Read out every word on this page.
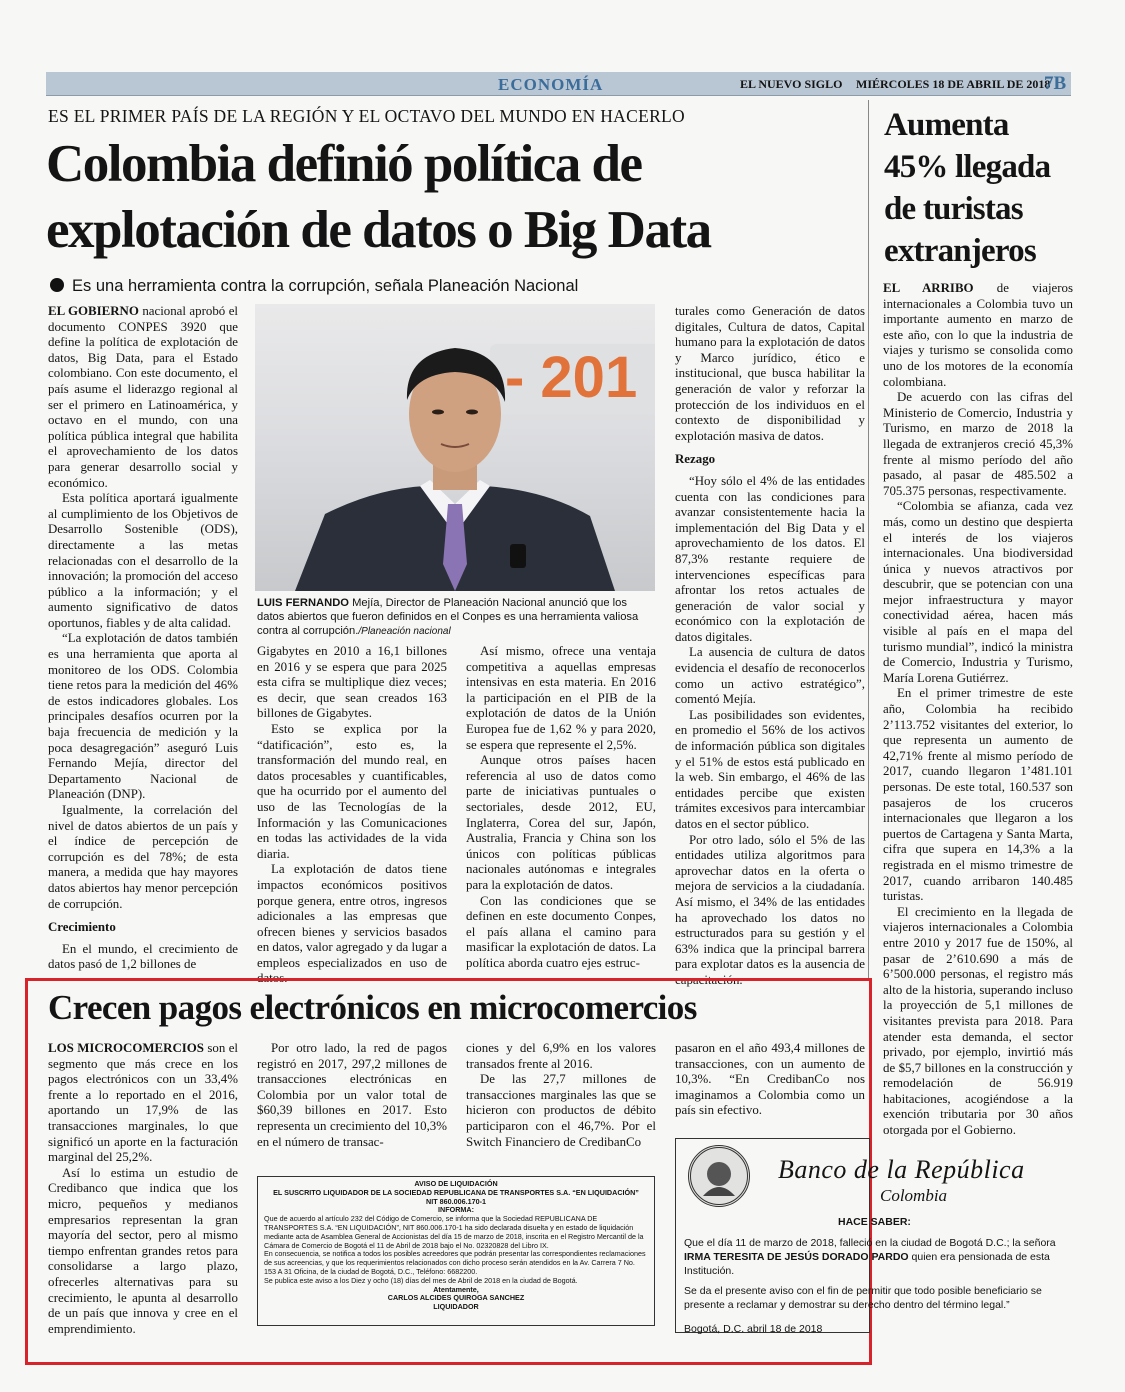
ECONOMÍA	EL NUEVO SIGLO MIÉRCOLES 18 DE ABRIL DE 2018
7B
ES EL PRIMER PAÍS DE LA REGIÓN Y EL OCTAVO DEL MUNDO EN HACERLO
Colombia definió política de
explotación de datos o Big Data
Es una herramienta contra la corrupción, señala Planeación Nacional

EL GOBIERNO nacional aprobó el documento CONPES 3920 que define la política de explotación de datos, Big Data, para el Estado colombiano. Con este documento, el país asume el liderazgo regional al ser el primero en Latinoamérica, y octavo en el mundo, con una política pública integral que habilita el aprovechamiento de los datos para generar desarrollo social y económico.

Esta política aportará igualmente al cumplimiento de los Objetivos de Desarrollo Sostenible (ODS), directamente a las metas relacionadas con el desarrollo de la innovación; la promoción del acceso público a la información; y el aumento significativo de datos oportunos, fiables y de alta calidad.

“La explotación de datos también es una herramienta que aporta al monitoreo de los ODS. Colombia tiene retos para la medición del 46% de estos indicadores globales. Los principales desafíos ocurren por la baja frecuencia de medición y la poca desagregación” aseguró Luis Fernando Mejía, director del Departamento Nacional de Planeación (DNP).

Igualmente, la correlación del nivel de datos abiertos de un país y el índice de percepción de corrupción es del 78%; de esta manera, a medida que hay mayores datos abiertos hay menor percepción de corrupción.

Crecimiento

En el mundo, el crecimiento de datos pasó de 1,2 billones de

- 201
LUIS FERNANDO Mejía, Director de Planeación Nacional anunció que los datos abiertos que fueron definidos en el Conpes es una herramienta valiosa contra al corrupción./Planeación nacional

Gigabytes en 2010 a 16,1 billones en 2016 y se espera que para 2025 esta cifra se multiplique diez veces; es decir, que sean creados 163 billones de Gigabytes.

Esto se explica por la “datificación”, esto es, la transformación del mundo real, en datos procesables y cuantificables, que ha ocurrido por el aumento del uso de las Tecnologías de la Información y las Comunicaciones en todas las actividades de la vida diaria.

La explotación de datos tiene impactos económicos positivos porque genera, entre otros, ingresos adicionales a las empresas que ofrecen bienes y servicios basados en datos, valor agregado y da lugar a empleos especializados en uso de datos.

Así mismo, ofrece una ventaja competitiva a aquellas empresas intensivas en esta materia. En 2016 la participación en el PIB de la explotación de datos de la Unión Europea fue de 1,62 % y para 2020, se espera que represente el 2,5%.

Aunque otros países hacen referencia al uso de datos como parte de iniciativas puntuales o sectoriales, desde 2012, EU, Inglaterra, Corea del sur, Japón, Australia, Francia y China son los únicos con políticas públicas nacionales autónomas e integrales para la explotación de datos.

Con las condiciones que se definen en este documento Conpes, el país allana el camino para masificar la explotación de datos. La política aborda cuatro ejes estruc-

turales como Generación de datos digitales, Cultura de datos, Capital humano para la explotación de datos y Marco jurídico, ético e institucional, que busca habilitar la generación de valor y reforzar la protección de los individuos en el contexto de disponibilidad y explotación masiva de datos.

Rezago

“Hoy sólo el 4% de las entidades cuenta con las condiciones para avanzar consistentemente hacia la implementación del Big Data y el aprovechamiento de los datos. El 87,3% restante requiere de intervenciones específicas para afrontar los retos actuales de generación de valor social y económico con la explotación de datos digitales.

La ausencia de cultura de datos evidencia el desafío de reconocerlos como un activo estratégico”, comentó Mejía.

Las posibilidades son evidentes, en promedio el 56% de los activos de información pública son digitales y el 51% de estos está publicado en la web. Sin embargo, el 46% de las entidades percibe que existen trámites excesivos para intercambiar datos en el sector público.

Por otro lado, sólo el 5% de las entidades utiliza algoritmos para aprovechar datos en la oferta o mejora de servicios a la ciudadanía. Así mismo, el 34% de las entidades ha aprovechado los datos no estructurados para su gestión y el 63% indica que la principal barrera para explotar datos es la ausencia de capacitación.

Aumenta
45% llegada
de turistas
extranjeros

EL ARRIBO de viajeros internacionales a Colombia tuvo un importante aumento en marzo de este año, con lo que la industria de viajes y turismo se consolida como uno de los motores de la economía colombiana.

De acuerdo con las cifras del Ministerio de Comercio, Industria y Turismo, en marzo de 2018 la llegada de extranjeros creció 45,3% frente al mismo período del año pasado, al pasar de 485.502 a 705.375 personas, respectivamente.

“Colombia se afianza, cada vez más, como un destino que despierta el interés de los viajeros internacionales. Una biodiversidad única y nuevos atractivos por descubrir, que se potencian con una mejor infraestructura y mayor conectividad aérea, hacen más visible al país en el mapa del turismo mundial”, indicó la ministra de Comercio, Industria y Turismo, María Lorena Gutiérrez.

En el primer trimestre de este año, Colombia ha recibido 2’113.752 visitantes del exterior, lo que representa un aumento de 42,71% frente al mismo período de 2017, cuando llegaron 1’481.101 personas. De este total, 160.537 son pasajeros de los cruceros internacionales que llegaron a los puertos de Cartagena y Santa Marta, cifra que supera en 14,3% a la registrada en el mismo trimestre de 2017, cuando arribaron 140.485 turistas.

El crecimiento en la llegada de viajeros internacionales a Colombia entre 2010 y 2017 fue de 150%, al pasar de 2’610.690 a más de 6’500.000 personas, el registro más alto de la historia, superando incluso la proyección de 5,1 millones de visitantes prevista para 2018. Para atender esta demanda, el sector privado, por ejemplo, invirtió más de $5,7 billones en la construcción y remodelación de 56.919 habitaciones, acogiéndose a la exención tributaria por 30 años otorgada por el Gobierno.

Crecen pagos electrónicos en microcomercios

LOS MICROCOMERCIOS son el segmento que más crece en los pagos electrónicos con un 33,4% frente a lo reportado en el 2016, aportando un 17,9% de las transacciones marginales, lo que significó un aporte en la facturación marginal del 25,2%.

Así lo estima un estudio de Credibanco que indica que los micro, pequeños y medianos empresarios representan la gran mayoría del sector, pero al mismo tiempo enfrentan grandes retos para consolidarse a largo plazo, ofrecerles alternativas para su crecimiento, le apunta al desarrollo de un país que innova y cree en el emprendimiento.

Por otro lado, la red de pagos registró en 2017, 297,2 millones de transacciones electrónicas en Colombia por un valor total de $60,39 billones en 2017. Esto representa un crecimiento del 10,3% en el número de transac-

ciones y del 6,9% en los valores transados frente al 2016.

De las 27,7 millones de transacciones marginales las que se hicieron con productos de débito participaron con el 46,7%. Por el Switch Financiero de CredibanCo

pasaron en el año 493,4 millones de transacciones, con un aumento de 10,3%. “En CredibanCo nos imaginamos a Colombia como un país sin efectivo.

AVISO DE LIQUIDACIÓN
EL SUSCRITO LIQUIDADOR DE LA SOCIEDAD REPUBLICANA DE TRANSPORTES S.A. “EN LIQUIDACIÓN”
NIT 860.006.170-1
INFORMA:
Que de acuerdo al artículo 232 del Código de Comercio, se informa que la Sociedad REPUBLICANA DE TRANSPORTES S.A. “EN LIQUIDACIÓN”, NIT 860.006.170-1 ha sido declarada disuelta y en estado de liquidación mediante acta de Asamblea General de Accionistas del día 15 de marzo de 2018, inscrita en el Registro Mercantil de la Cámara de Comercio de Bogotá el 11 de Abril de 2018 bajo el No. 02320828 del Libro IX.
En consecuencia, se notifica a todos los posibles acreedores que podrán presentar las correspondientes reclamaciones de sus acreencias, y que los requerimientos relacionados con dicho proceso serán atendidos en la Av. Carrera 7 No. 153 A 31 Oficina, de la ciudad de Bogotá, D.C., Teléfono: 6682200.
Se publica este aviso a los Diez y ocho (18) días del mes de Abril de 2018 en la ciudad de Bogotá.
Atentamente,
CARLOS ALCIDES QUIROGA SANCHEZ
LIQUIDADOR
Banco de la República
Colombia
HACE SABER:
Que el día 11 de marzo de 2018, falleció en la ciudad de Bogotá D.C.; la señora IRMA TERESITA DE JESÚS DORADO PARDO quien era pensionada de esta Institución.
Se da el presente aviso con el fin de permitir que todo posible beneficiario se presente a reclamar y demostrar su derecho dentro del término legal.”
Bogotá, D.C. abril 18 de 2018
